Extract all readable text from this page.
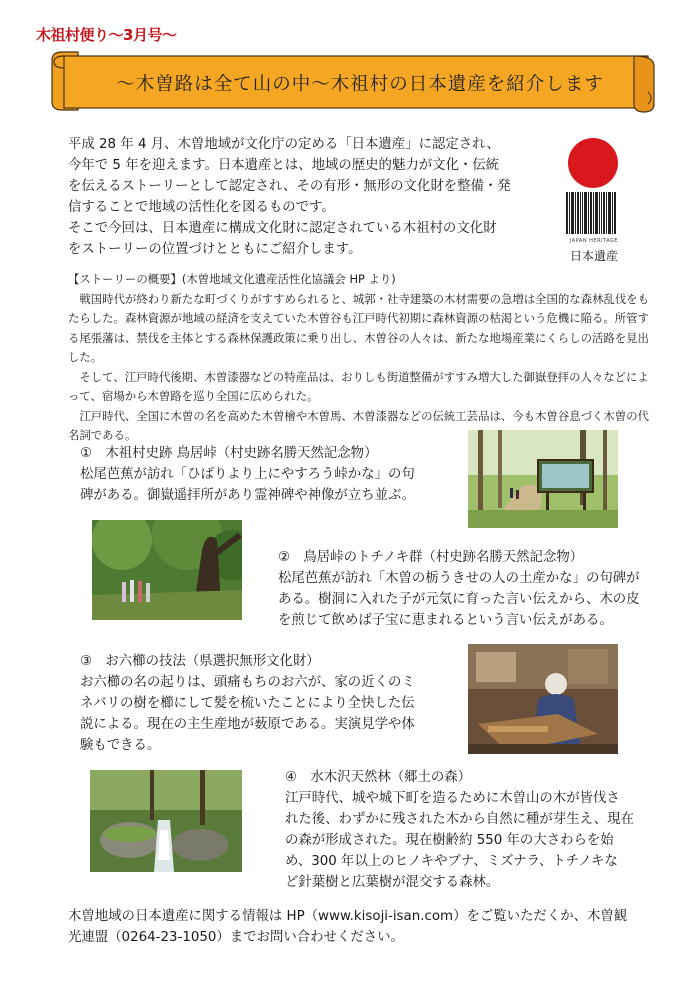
木祖村便り〜3月号〜
〜木曽路は全て山の中〜木祖村の日本遺産を紹介します

平成 28 年 4 月、木曽地域が文化庁の定める「日本遺産」に認定され、

今年で 5 年を迎えます。日本遺産とは、地域の歴史的魅力が文化・伝統

を伝えるストーリーとして認定され、その有形・無形の文化財を整備・発

信することで地域の活性化を図るものです。

そこで今回は、日本遺産に構成文化財に認定されている木祖村の文化財

をストーリーの位置づけとともにご紹介します。

JAPAN HERITAGE
日本遺産

【ストーリーの概要】(木曽地域文化遺産活性化協議会 HP より)

戦国時代が終わり新たな町づくりがすすめられると、城郭・社寺建築の木材需要の急増は全国的な森林乱伐をもたらした。森林資源が地域の経済を支えていた木曽谷も江戸時代初期に森林資源の枯渇という危機に陥る。所管する尾張藩は、禁伐を主体とする森林保護政策に乗り出し、木曽谷の人々は、新たな地場産業にくらしの活路を見出した。

そして、江戸時代後期、木曽漆器などの特産品は、おりしも街道整備がすすみ増大した御嶽登拝の人々などによって、宿場から木曽路を巡り全国に広められた。

江戸時代、全国に木曽の名を高めた木曽檜や木曽馬、木曽漆器などの伝統工芸品は、今も木曽谷息づく木曽の代名詞である。

①　木祖村史跡 鳥居峠（村史跡名勝天然記念物）
松尾芭蕉が訪れ「ひばりより上にやすろう峠かな」の句
碑がある。御嶽遥拝所があり霊神碑や神像が立ち並ぶ。
②　鳥居峠のトチノキ群（村史跡名勝天然記念物）
松尾芭蕉が訪れ「木曽の栃うきせの人の土産かな」の句碑が
ある。樹洞に入れた子が元気に育った言い伝えから、木の皮
を煎じて飲めば子宝に恵まれるという言い伝えがある。
③　お六櫛の技法（県選択無形文化財）
お六櫛の名の起りは、頭痛もちのお六が、家の近くのミ
ネバリの樹を櫛にして髪を梳いたことにより全快した伝
説による。現在の主生産地が薮原である。実演見学や体
験もできる。
④　水木沢天然林（郷土の森）
江戸時代、城や城下町を造るために木曽山の木が皆伐さ
れた後、わずかに残された木から自然に種が芽生え、現在
の森が形成された。現在樹齢約 550 年の大さわらを始
め、300 年以上のヒノキやブナ、ミズナラ、トチノキな
ど針葉樹と広葉樹が混交する森林。
木曽地域の日本遺産に関する情報は HP（www.kisoji-isan.com）をご覧いただくか、木曽観
光連盟（0264-23-1050）までお問い合わせください。
